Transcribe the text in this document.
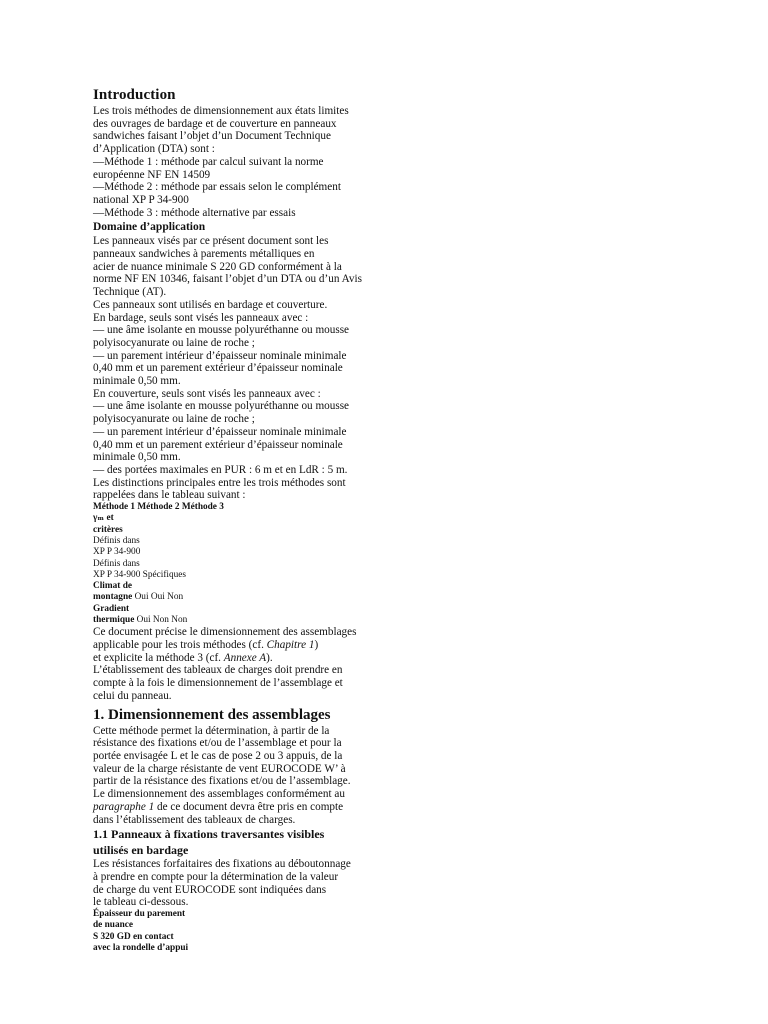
Introduction
Les trois méthodes de dimensionnement aux états limites
des ouvrages de bardage et de couverture en panneaux
sandwiches faisant l’objet d’un Document Technique
d’Application (DTA) sont :
—Méthode 1 : méthode par calcul suivant la norme
européenne NF EN 14509
—Méthode 2 : méthode par essais selon le complément
national XP P 34-900
—Méthode 3 : méthode alternative par essais
Domaine d’application
Les panneaux visés par ce présent document sont les
panneaux sandwiches à parements métalliques en
acier de nuance minimale S 220 GD conformément à la
norme NF EN 10346, faisant l’objet d’un DTA ou d’un Avis
Technique (AT).
Ces panneaux sont utilisés en bardage et couverture.
En bardage, seuls sont visés les panneaux avec :
— une âme isolante en mousse polyuréthanne ou mousse
polyisocyanurate ou laine de roche ;
— un parement intérieur d’épaisseur nominale minimale
0,40 mm et un parement extérieur d’épaisseur nominale
minimale 0,50 mm.
En couverture, seuls sont visés les panneaux avec :
— une âme isolante en mousse polyuréthanne ou mousse
polyisocyanurate ou laine de roche ;
— un parement intérieur d’épaisseur nominale minimale
0,40 mm et un parement extérieur d’épaisseur nominale
minimale 0,50 mm.
— des portées maximales en PUR : 6 m et en LdR : 5 m.
Les distinctions principales entre les trois méthodes sont
rappelées dans le tableau suivant :
Méthode 1 Méthode 2 Méthode 3
γₘ et
critères
Définis dans
XP P 34-900
Définis dans
XP P 34-900 Spécifiques
Climat de
montagne Oui Oui Non
Gradient
thermique Oui Non Non
Ce document précise le dimensionnement des assemblages
applicable pour les trois méthodes (cf. Chapitre 1)
et explicite la méthode 3 (cf. Annexe A).
L’établissement des tableaux de charges doit prendre en
compte à la fois le dimensionnement de l’assemblage et
celui du panneau.
1. Dimensionnement des assemblages
Cette méthode permet la détermination, à partir de la
résistance des fixations et/ou de l’assemblage et pour la
portée envisagée L et le cas de pose 2 ou 3 appuis, de la
valeur de la charge résistante de vent EUROCODE W’ à
partir de la résistance des fixations et/ou de l’assemblage.
Le dimensionnement des assemblages conformément au
paragraphe 1 de ce document devra être pris en compte
dans l’établissement des tableaux de charges.
1.1 Panneaux à fixations traversantes visibles
utilisés en bardage
Les résistances forfaitaires des fixations au déboutonnage
à prendre en compte pour la détermination de la valeur
de charge du vent EUROCODE sont indiquées dans
le tableau ci-dessous.
Épaisseur du parement
de nuance
S 320 GD en contact
avec la rondelle d’appui
